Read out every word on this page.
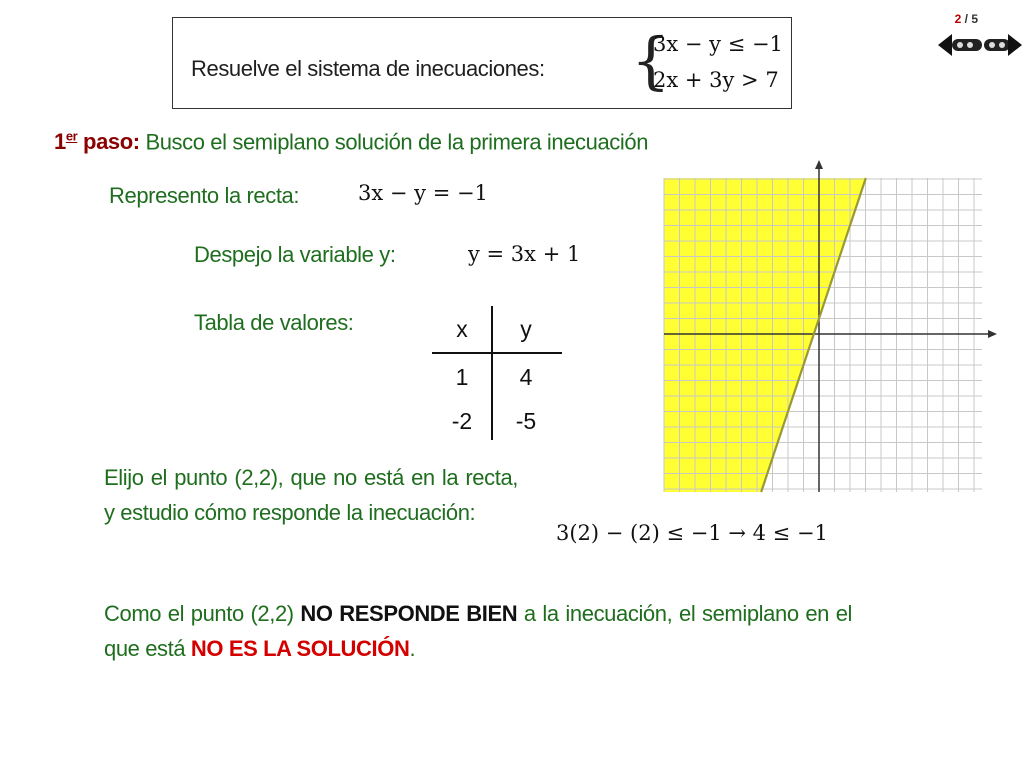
2 / 5
Resuelve el sistema de inecuaciones: {
3x − y ≤ −1
2x + 3y > 7
1er paso: Busco el semiplano solución de la primera inecuación
Represento la recta:	3x − y = −1
Despejo la variable y:	y = 3x + 1
Tabla de valores:	x	y
1	4
-2	-5
Elijo el punto (2,2), que no está en la recta, y estudio cómo responde la inecuación:
3(2) − (2) ≤ −1 → 4 ≤ −1
Como el punto (2,2) NO RESPONDE BIEN a la inecuación, el semiplano en el que está NO ES LA SOLUCIÓN.
